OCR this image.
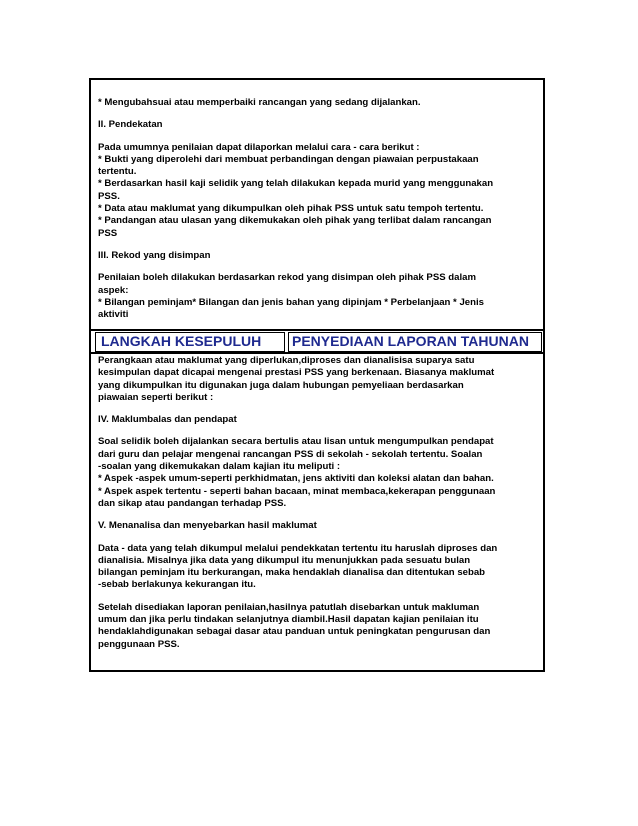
* Mengubahsuai atau memperbaiki rancangan yang sedang dijalankan.

II. Pendekatan

Pada umumnya penilaian dapat dilaporkan melalui cara - cara berikut :
* Bukti yang diperolehi dari membuat perbandingan dengan piawaian perpustakaan
tertentu.
* Berdasarkan hasil kaji selidik yang telah dilakukan kepada murid yang menggunakan
PSS.
* Data atau maklumat yang dikumpulkan oleh pihak PSS untuk satu tempoh tertentu.
* Pandangan atau ulasan yang dikemukakan oleh pihak yang terlibat dalam rancangan
PSS

III. Rekod yang disimpan

Penilaian boleh dilakukan berdasarkan rekod yang disimpan oleh pihak PSS dalam
aspek:
* Bilangan peminjam* Bilangan dan jenis bahan yang dipinjam * Perbelanjaan * Jenis
aktiviti

LANGKAH KESEPULUH	PENYEDIAAN LAPORAN TAHUNAN

Perangkaan atau maklumat yang diperlukan,diproses dan dianalisisa suparya satu
kesimpulan dapat dicapai mengenai prestasi PSS yang berkenaan. Biasanya maklumat
yang dikumpulkan itu digunakan juga dalam hubungan pemyeliaan berdasarkan
piawaian seperti berikut :

IV. Maklumbalas dan pendapat

Soal selidik boleh dijalankan secara bertulis atau lisan untuk mengumpulkan pendapat
dari guru dan pelajar mengenai rancangan PSS di sekolah - sekolah tertentu. Soalan
-soalan yang dikemukakan dalam kajian itu meliputi :
* Aspek -aspek umum-seperti perkhidmatan, jens aktiviti dan koleksi alatan dan bahan.
* Aspek aspek tertentu - seperti bahan bacaan, minat membaca,kekerapan penggunaan
dan sikap atau pandangan terhadap PSS.

V. Menanalisa dan menyebarkan hasil maklumat

Data - data yang telah dikumpul melalui pendekkatan tertentu itu haruslah diproses dan
dianalisia. Misalnya jika data yang dikumpul itu menunjukkan pada sesuatu bulan
bilangan peminjam itu berkurangan, maka hendaklah dianalisa dan ditentukan sebab
-sebab berlakunya kekurangan itu.

Setelah disediakan laporan penilaian,hasilnya patutlah disebarkan untuk makluman
umum dan jika perlu tindakan selanjutnya diambil.Hasil dapatan kajian penilaian itu
hendaklahdigunakan sebagai dasar atau panduan untuk peningkatan pengurusan dan
penggunaan PSS.
